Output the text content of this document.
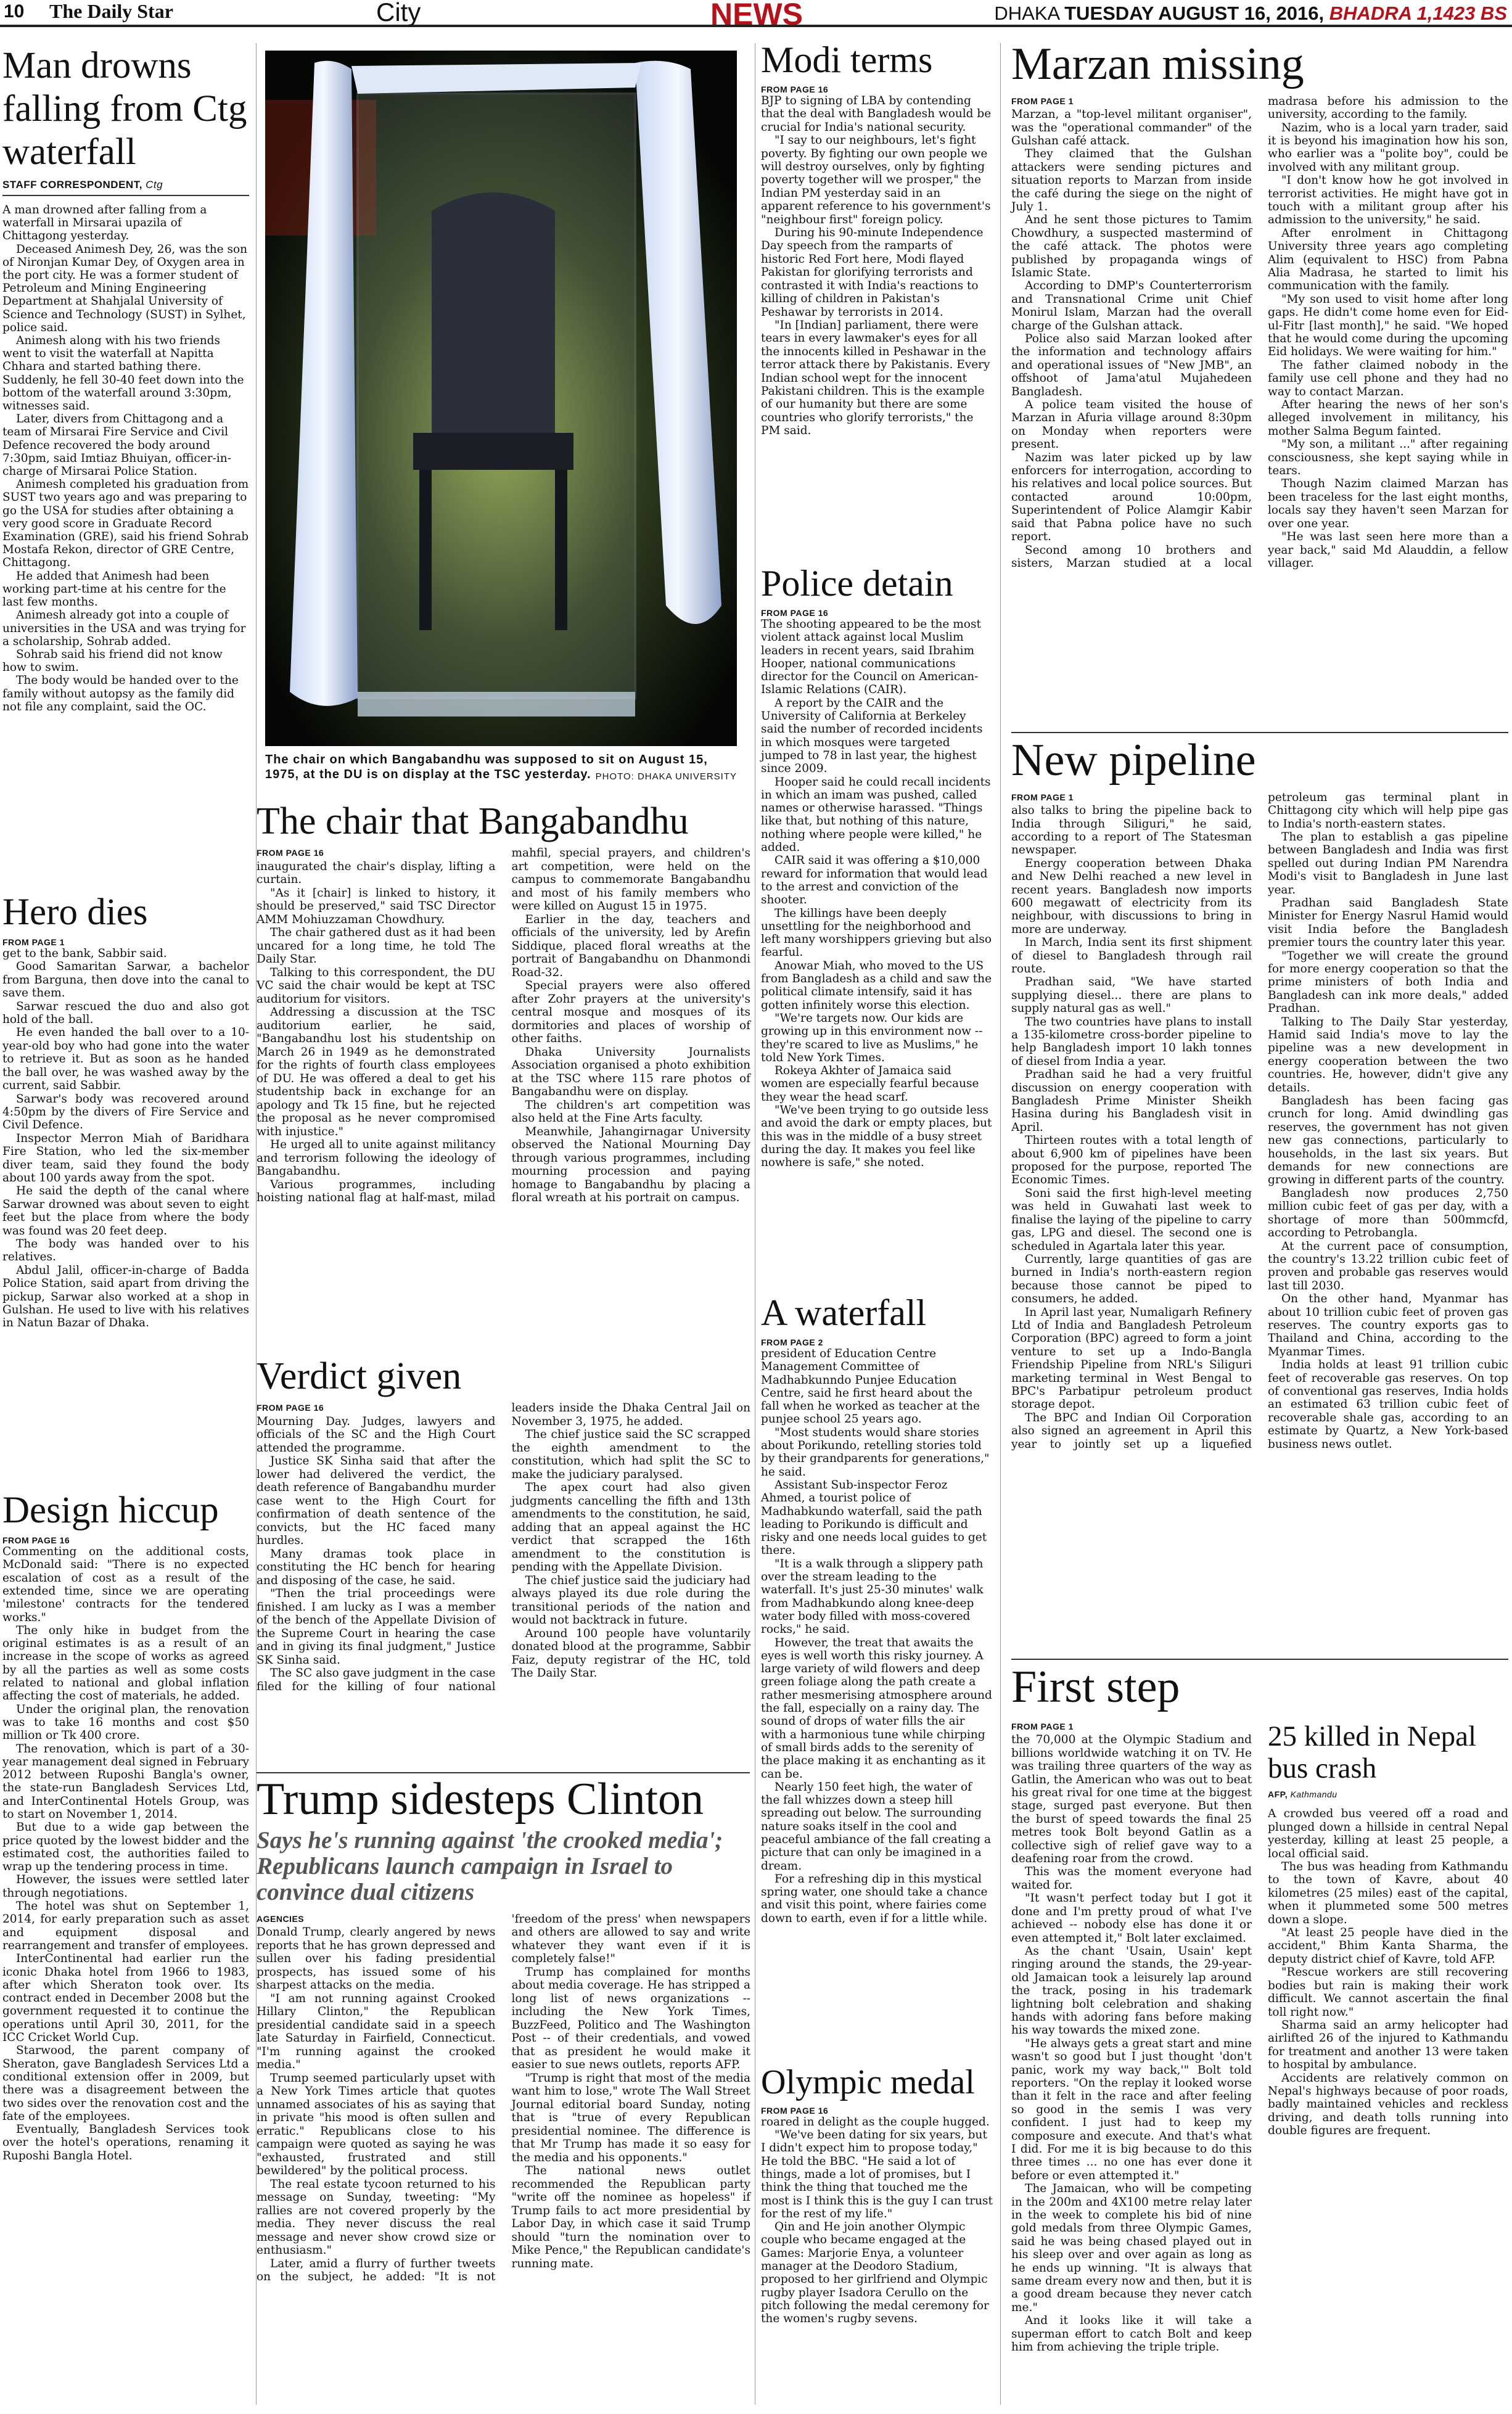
10 The Daily Star	City	NEWS	DHAKA TUESDAY AUGUST 16, 2016, BHADRA 1,1423 BS
Man drowns falling from Ctg waterfall
STAFF CORRESPONDENT, Ctg

A man drowned after falling from a waterfall in Mirsarai upazila of Chittagong yesterday.

Deceased Animesh Dey, 26, was the son of Nironjan Kumar Dey, of Oxygen area in the port city. He was a former student of Petroleum and Mining Engineering Department at Shahjalal University of Science and Technology (SUST) in Sylhet, police said.

Animesh along with his two friends went to visit the waterfall at Napitta Chhara and started bathing there. Suddenly, he fell 30-40 feet down into the bottom of the waterfall around 3:30pm, witnesses said.

Later, divers from Chittagong and a team of Mirsarai Fire Service and Civil Defence recovered the body around 7:30pm, said Imtiaz Bhuiyan, officer-in-charge of Mirsarai Police Station.

Animesh completed his graduation from SUST two years ago and was preparing to go the USA for studies after obtaining a very good score in Graduate Record Examination (GRE), said his friend Sohrab Mostafa Rekon, director of GRE Centre, Chittagong.

He added that Animesh had been working part-time at his centre for the last few months.

Animesh already got into a couple of universities in the USA and was trying for a scholarship, Sohrab added.

Sohrab said his friend did not know how to swim.

The body would be handed over to the family without autopsy as the family did not file any complaint, said the OC.

Hero dies
FROM PAGE 1

get to the bank, Sabbir said.

Good Samaritan Sarwar, a bachelor from Barguna, then dove into the canal to save them.

Sarwar rescued the duo and also got hold of the ball.

He even handed the ball over to a 10-year-old boy who had gone into the water to retrieve it. But as soon as he handed the ball over, he was washed away by the current, said Sabbir.

Sarwar's body was recovered around 4:50pm by the divers of Fire Service and Civil Defence.

Inspector Merron Miah of Baridhara Fire Station, who led the six-member diver team, said they found the body about 100 yards away from the spot.

He said the depth of the canal where Sarwar drowned was about seven to eight feet but the place from where the body was found was 20 feet deep.

The body was handed over to his relatives.

Abdul Jalil, officer-in-charge of Badda Police Station, said apart from driving the pickup, Sarwar also worked at a shop in Gulshan. He used to live with his relatives in Natun Bazar of Dhaka.

Design hiccup
FROM PAGE 16

Commenting on the additional costs, McDonald said: "There is no expected escalation of cost as a result of the extended time, since we are operating 'milestone' contracts for the tendered works."

The only hike in budget from the original estimates is as a result of an increase in the scope of works as agreed by all the parties as well as some costs related to national and global inflation affecting the cost of materials, he added.

Under the original plan, the renovation was to take 16 months and cost $50 million or Tk 400 crore.

The renovation, which is part of a 30-year management deal signed in February 2012 between Ruposhi Bangla's owner, the state-run Bangladesh Services Ltd, and InterContinental Hotels Group, was to start on November 1, 2014.

But due to a wide gap between the price quoted by the lowest bidder and the estimated cost, the authorities failed to wrap up the tendering process in time.

However, the issues were settled later through negotiations.

The hotel was shut on September 1, 2014, for early preparation such as asset and equipment disposal and rearrangement and transfer of employees.

InterContinental had earlier run the iconic Dhaka hotel from 1966 to 1983, after which Sheraton took over. Its contract ended in December 2008 but the government requested it to continue the operations until April 30, 2011, for the ICC Cricket World Cup.

Starwood, the parent company of Sheraton, gave Bangladesh Services Ltd a conditional extension offer in 2009, but there was a disagreement between the two sides over the renovation cost and the fate of the employees.

Eventually, Bangladesh Services took over the hotel's operations, renaming it Ruposhi Bangla Hotel.

The chair on which Bangabandhu was supposed to sit on August 15, 1975, at the DU is on display at the TSC yesterday. PHOTO: DHAKA UNIVERSITY
The chair that Bangabandhu
FROM PAGE 16

inaugurated the chair's display, lifting a curtain.

"As it [chair] is linked to history, it should be preserved," said TSC Director AMM Mohiuzzaman Chowdhury.

The chair gathered dust as it had been uncared for a long time, he told The Daily Star.

Talking to this correspondent, the DU VC said the chair would be kept at TSC auditorium for visitors.

Addressing a discussion at the TSC auditorium earlier, he said, "Bangabandhu lost his studentship on March 26 in 1949 as he demonstrated for the rights of fourth class employees of DU. He was offered a deal to get his studentship back in exchange for an apology and Tk 15 fine, but he rejected the proposal as he never compromised with injustice."

He urged all to unite against militancy and terrorism following the ideology of Bangabandhu.

Various programmes, including hoisting national flag at half-mast, milad mahfil, special prayers, and children's art competition, were held on the campus to commemorate Bangabandhu and most of his family members who were killed on August 15 in 1975.

Earlier in the day, teachers and officials of the university, led by Arefin Siddique, placed floral wreaths at the portrait of Bangabandhu on Dhanmondi Road-32.

Special prayers were also offered after Zohr prayers at the university's central mosque and mosques of its dormitories and places of worship of other faiths.

Dhaka University Journalists Association organised a photo exhibition at the TSC where 115 rare photos of Bangabandhu were on display.

The children's art competition was also held at the Fine Arts faculty.

Meanwhile, Jahangirnagar University observed the National Mourning Day through various programmes, including mourning procession and paying homage to Bangabandhu by placing a floral wreath at his portrait on campus.

Verdict given
FROM PAGE 16

Mourning Day. Judges, lawyers and officials of the SC and the High Court attended the programme.

Justice SK Sinha said that after the lower had delivered the verdict, the death reference of Bangabandhu murder case went to the High Court for confirmation of death sentence of the convicts, but the HC faced many hurdles.

Many dramas took place in constituting the HC bench for hearing and disposing of the case, he said.

"Then the trial proceedings were finished. I am lucky as I was a member of the bench of the Appellate Division of the Supreme Court in hearing the case and in giving its final judgment," Justice SK Sinha said.

The SC also gave judgment in the case filed for the killing of four national leaders inside the Dhaka Central Jail on November 3, 1975, he added.

The chief justice said the SC scrapped the eighth amendment to the constitution, which had split the SC to make the judiciary paralysed.

The apex court had also given judgments cancelling the fifth and 13th amendments to the constitution, he said, adding that an appeal against the HC verdict that scrapped the 16th amendment to the constitution is pending with the Appellate Division.

The chief justice said the judiciary had always played its due role during the transitional periods of the nation and would not backtrack in future.

Around 100 people have voluntarily donated blood at the programme, Sabbir Faiz, deputy registrar of the HC, told The Daily Star.

Trump sidesteps Clinton
Says he's running against 'the crooked media'; Republicans launch campaign in Israel to convince dual citizens
AGENCIES

Donald Trump, clearly angered by news reports that he has grown depressed and sullen over his fading presidential prospects, has issued some of his sharpest attacks on the media.

"I am not running against Crooked Hillary Clinton," the Republican presidential candidate said in a speech late Saturday in Fairfield, Connecticut. "I'm running against the crooked media."

Trump seemed particularly upset with a New York Times article that quotes unnamed associates of his as saying that in private "his mood is often sullen and erratic." Republicans close to his campaign were quoted as saying he was "exhausted, frustrated and still bewildered" by the political process.

The real estate tycoon returned to his message on Sunday, tweeting: "My rallies are not covered properly by the media. They never discuss the real message and never show crowd size or enthusiasm."

Later, amid a flurry of further tweets on the subject, he added: "It is not 'freedom of the press' when newspapers and others are allowed to say and write whatever they want even if it is completely false!"

Trump has complained for months about media coverage. He has stripped a long list of news organizations -- including the New York Times, BuzzFeed, Politico and The Washington Post -- of their credentials, and vowed that as president he would make it easier to sue news outlets, reports AFP.

"Trump is right that most of the media want him to lose," wrote The Wall Street Journal editorial board Sunday, noting that is "true of every Republican presidential nominee. The difference is that Mr Trump has made it so easy for the media and his opponents."

The national news outlet recommended the Republican party "write off the nominee as hopeless" if Trump fails to act more presidential by Labor Day, in which case it said Trump should "turn the nomination over to Mike Pence," the Republican candidate's running mate.

Modi terms
FROM PAGE 16

BJP to signing of LBA by contending that the deal with Bangladesh would be crucial for India's national security.

"I say to our neighbours, let's fight poverty. By fighting our own people we will destroy ourselves, only by fighting poverty together will we prosper," the Indian PM yesterday said in an apparent reference to his government's "neighbour first" foreign policy.

During his 90-minute Independence Day speech from the ramparts of historic Red Fort here, Modi flayed Pakistan for glorifying terrorists and contrasted it with India's reactions to killing of children in Pakistan's Peshawar by terrorists in 2014.

"In [Indian] parliament, there were tears in every lawmaker's eyes for all the innocents killed in Peshawar in the terror attack there by Pakistanis. Every Indian school wept for the innocent Pakistani children. This is the example of our humanity but there are some countries who glorify terrorists," the PM said.

Police detain
FROM PAGE 16

The shooting appeared to be the most violent attack against local Muslim leaders in recent years, said Ibrahim Hooper, national communications director for the Council on American-Islamic Relations (CAIR).

A report by the CAIR and the University of California at Berkeley said the number of recorded incidents in which mosques were targeted jumped to 78 in last year, the highest since 2009.

Hooper said he could recall incidents in which an imam was pushed, called names or otherwise harassed. "Things like that, but nothing of this nature, nothing where people were killed," he added.

CAIR said it was offering a $10,000 reward for information that would lead to the arrest and conviction of the shooter.

The killings have been deeply unsettling for the neighborhood and left many worshippers grieving but also fearful.

Anowar Miah, who moved to the US from Bangladesh as a child and saw the political climate intensify, said it has gotten infinitely worse this election.

"We're targets now. Our kids are growing up in this environment now -- they're scared to live as Muslims," he told New York Times.

Rokeya Akhter of Jamaica said women are especially fearful because they wear the head scarf.

"We've been trying to go outside less and avoid the dark or empty places, but this was in the middle of a busy street during the day. It makes you feel like nowhere is safe," she noted.

A waterfall
FROM PAGE 2

president of Education Centre Management Committee of Madhabkunndo Punjee Education Centre, said he first heard about the fall when he worked as teacher at the punjee school 25 years ago.

"Most students would share stories about Porikundo, retelling stories told by their grandparents for generations," he said.

Assistant Sub-inspector Feroz Ahmed, a tourist police of Madhabkundo waterfall, said the path leading to Porikundo is difficult and risky and one needs local guides to get there.

"It is a walk through a slippery path over the stream leading to the waterfall. It's just 25-30 minutes' walk from Madhabkundo along knee-deep water body filled with moss-covered rocks," he said.

However, the treat that awaits the eyes is well worth this risky journey. A large variety of wild flowers and deep green foliage along the path create a rather mesmerising atmosphere around the fall, especially on a rainy day. The sound of drops of water fills the air with a harmonious tune while chirping of small birds adds to the serenity of the place making it as enchanting as it can be.

Nearly 150 feet high, the water of the fall whizzes down a steep hill spreading out below. The surrounding nature soaks itself in the cool and peaceful ambiance of the fall creating a picture that can only be imagined in a dream.

For a refreshing dip in this mystical spring water, one should take a chance and visit this point, where fairies come down to earth, even if for a little while.

Olympic medal
FROM PAGE 16

roared in delight as the couple hugged.

"We've been dating for six years, but I didn't expect him to propose today," He told the BBC. "He said a lot of things, made a lot of promises, but I think the thing that touched me the most is I think this is the guy I can trust for the rest of my life."

Qin and He join another Olympic couple who became engaged at the Games: Marjorie Enya, a volunteer manager at the Deodoro Stadium, proposed to her girlfriend and Olympic rugby player Isadora Cerullo on the pitch following the medal ceremony for the women's rugby sevens.

Marzan missing
FROM PAGE 1

Marzan, a "top-level militant organiser", was the "operational commander" of the Gulshan café attack.

They claimed that the Gulshan attackers were sending pictures and situation reports to Marzan from inside the café during the siege on the night of July 1.

And he sent those pictures to Tamim Chowdhury, a suspected mastermind of the café attack. The photos were published by propaganda wings of Islamic State.

According to DMP's Counterterrorism and Transnational Crime unit Chief Monirul Islam, Marzan had the overall charge of the Gulshan attack.

Police also said Marzan looked after the information and technology affairs and operational issues of "New JMB", an offshoot of Jama'atul Mujahedeen Bangladesh.

A police team visited the house of Marzan in Afuria village around 8:30pm on Monday when reporters were present.

Nazim was later picked up by law enforcers for interrogation, according to his relatives and local police sources. But contacted around 10:00pm, Superintendent of Police Alamgir Kabir said that Pabna police have no such report.

Second among 10 brothers and sisters, Marzan studied at a local madrasa before his admission to the university, according to the family.

Nazim, who is a local yarn trader, said it is beyond his imagination how his son, who earlier was a "polite boy", could be involved with any militant group.

"I don't know how he got involved in terrorist activities. He might have got in touch with a militant group after his admission to the university," he said.

After enrolment in Chittagong University three years ago completing Alim (equivalent to HSC) from Pabna Alia Madrasa, he started to limit his communication with the family.

"My son used to visit home after long gaps. He didn't come home even for Eid-ul-Fitr [last month]," he said. "We hoped that he would come during the upcoming Eid holidays. We were waiting for him."

The father claimed nobody in the family use cell phone and they had no way to contact Marzan.

After hearing the news of her son's alleged involvement in militancy, his mother Salma Begum fainted.

"My son, a militant ..." after regaining consciousness, she kept saying while in tears.

Though Nazim claimed Marzan has been traceless for the last eight months, locals say they haven't seen Marzan for over one year.

"He was last seen here more than a year back," said Md Alauddin, a fellow villager.

New pipeline
FROM PAGE 1

also talks to bring the pipeline back to India through Siliguri," he said, according to a report of The Statesman newspaper.

Energy cooperation between Dhaka and New Delhi reached a new level in recent years. Bangladesh now imports 600 megawatt of electricity from its neighbour, with discussions to bring in more are underway.

In March, India sent its first shipment of diesel to Bangladesh through rail route.

Pradhan said, "We have started supplying diesel... there are plans to supply natural gas as well."

The two countries have plans to install a 135-kilometre cross-border pipeline to help Bangladesh import 10 lakh tonnes of diesel from India a year.

Pradhan said he had a very fruitful discussion on energy cooperation with Bangladesh Prime Minister Sheikh Hasina during his Bangladesh visit in April.

Thirteen routes with a total length of about 6,900 km of pipelines have been proposed for the purpose, reported The Economic Times.

Soni said the first high-level meeting was held in Guwahati last week to finalise the laying of the pipeline to carry gas, LPG and diesel. The second one is scheduled in Agartala later this year.

Currently, large quantities of gas are burned in India's north-eastern region because those cannot be piped to consumers, he added.

In April last year, Numaligarh Refinery Ltd of India and Bangladesh Petroleum Corporation (BPC) agreed to form a joint venture to set up a Indo-Bangla Friendship Pipeline from NRL's Siliguri marketing terminal in West Bengal to BPC's Parbatipur petroleum product storage depot.

The BPC and Indian Oil Corporation also signed an agreement in April this year to jointly set up a liquefied petroleum gas terminal plant in Chittagong city which will help pipe gas to India's north-eastern states.

The plan to establish a gas pipeline between Bangladesh and India was first spelled out during Indian PM Narendra Modi's visit to Bangladesh in June last year.

Pradhan said Bangladesh State Minister for Energy Nasrul Hamid would visit India before the Bangladesh premier tours the country later this year.

"Together we will create the ground for more energy cooperation so that the prime ministers of both India and Bangladesh can ink more deals," added Pradhan.

Talking to The Daily Star yesterday, Hamid said India's move to lay the pipeline was a new development in energy cooperation between the two countries. He, however, didn't give any details.

Bangladesh has been facing gas crunch for long. Amid dwindling gas reserves, the government has not given new gas connections, particularly to households, in the last six years. But demands for new connections are growing in different parts of the country.

Bangladesh now produces 2,750 million cubic feet of gas per day, with a shortage of more than 500mmcfd, according to Petrobangla.

At the current pace of consumption, the country's 13.22 trillion cubic feet of proven and probable gas reserves would last till 2030.

On the other hand, Myanmar has about 10 trillion cubic feet of proven gas reserves. The country exports gas to Thailand and China, according to the Myanmar Times.

India holds at least 91 trillion cubic feet of recoverable gas reserves. On top of conventional gas reserves, India holds an estimated 63 trillion cubic feet of recoverable shale gas, according to an estimate by Quartz, a New York-based business news outlet.

First step
FROM PAGE 1

the 70,000 at the Olympic Stadium and billions worldwide watching it on TV. He was trailing three quarters of the way as Gatlin, the American who was out to beat his great rival for one time at the biggest stage, surged past everyone. But then the burst of speed towards the final 25 metres took Bolt beyond Gatlin as a collective sigh of relief gave way to a deafening roar from the crowd.

This was the moment everyone had waited for.

"It wasn't perfect today but I got it done and I'm pretty proud of what I've achieved -- nobody else has done it or even attempted it," Bolt later exclaimed.

As the chant 'Usain, Usain' kept ringing around the stands, the 29-year-old Jamaican took a leisurely lap around the track, posing in his trademark lightning bolt celebration and shaking hands with adoring fans before making his way towards the mixed zone.

"He always gets a great start and mine wasn't so good but I just thought 'don't panic, work my way back,'" Bolt told reporters. "On the replay it looked worse than it felt in the race and after feeling so good in the semis I was very confident. I just had to keep my composure and execute. And that's what I did. For me it is big because to do this three times ... no one has ever done it before or even attempted it."

The Jamaican, who will be competing in the 200m and 4X100 metre relay later in the week to complete his bid of nine gold medals from three Olympic Games, said he was being chased played out in his sleep over and over again as long as he ends up winning. "It is always that same dream every now and then, but it is a good dream because they never catch me."

And it looks like it will take a superman effort to catch Bolt and keep him from achieving the triple triple.

25 killed in Nepal bus crash
AFP, Kathmandu

A crowded bus veered off a road and plunged down a hillside in central Nepal yesterday, killing at least 25 people, a local official said.

The bus was heading from Kathmandu to the town of Kavre, about 40 kilometres (25 miles) east of the capital, when it plummeted some 500 metres down a slope.

"At least 25 people have died in the accident," Bhim Kanta Sharma, the deputy district chief of Kavre, told AFP.

"Rescue workers are still recovering bodies but rain is making their work difficult. We cannot ascertain the final toll right now."

Sharma said an army helicopter had airlifted 26 of the injured to Kathmandu for treatment and another 13 were taken to hospital by ambulance.

Accidents are relatively common on Nepal's highways because of poor roads, badly maintained vehicles and reckless driving, and death tolls running into double figures are frequent.
